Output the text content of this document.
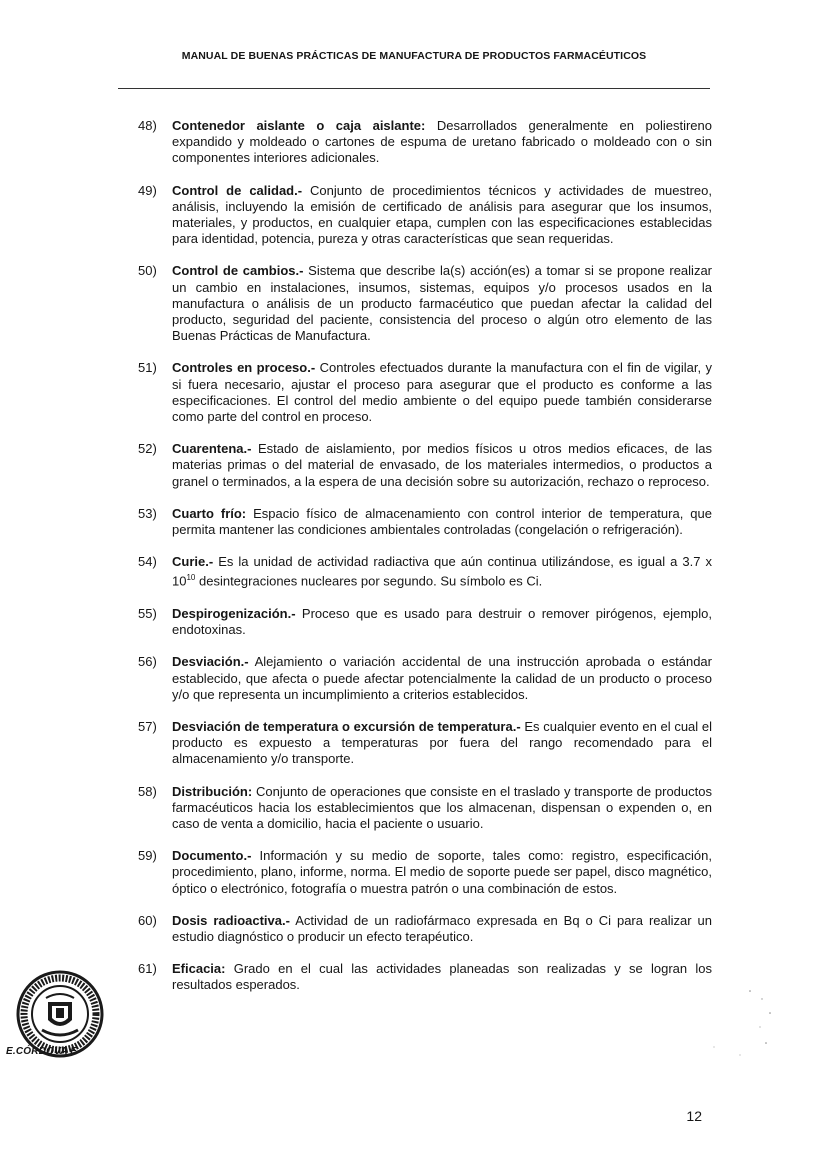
MANUAL DE BUENAS PRÁCTICAS DE MANUFACTURA DE PRODUCTOS FARMACÉUTICOS
48)	Contenedor aislante o caja aislante: Desarrollados generalmente en poliestireno expandido y moldeado o cartones de espuma de uretano fabricado o moldeado con o sin componentes interiores adicionales.
49)	Control de calidad.- Conjunto de procedimientos técnicos y actividades de muestreo, análisis, incluyendo la emisión de certificado de análisis para asegurar que los insumos, materiales, y productos, en cualquier etapa, cumplen con las especificaciones establecidas para identidad, potencia, pureza y otras características que sean requeridas.
50)	Control de cambios.- Sistema que describe la(s) acción(es) a tomar si se propone realizar un cambio en instalaciones, insumos, sistemas, equipos y/o procesos usados en la manufactura o análisis de un producto farmacéutico que puedan afectar la calidad del producto, seguridad del paciente, consistencia del proceso o algún otro elemento de las Buenas Prácticas de Manufactura.
51)	Controles en proceso.- Controles efectuados durante la manufactura con el fin de vigilar, y si fuera necesario, ajustar el proceso para asegurar que el producto es conforme a las especificaciones. El control del medio ambiente o del equipo puede también considerarse como parte del control en proceso.
52)	Cuarentena.- Estado de aislamiento, por medios físicos u otros medios eficaces, de las materias primas o del material de envasado, de los materiales intermedios, o productos a granel o terminados, a la espera de una decisión sobre su autorización, rechazo o reproceso.
53)	Cuarto frío: Espacio físico de almacenamiento con control interior de temperatura, que permita mantener las condiciones ambientales controladas (congelación o refrigeración).
54)	Curie.- Es la unidad de actividad radiactiva que aún continua utilizándose, es igual a 3.7 x $10^{10}$ desintegraciones nucleares por segundo. Su símbolo es Ci.
55)	Despirogenización.- Proceso que es usado para destruir o remover pirógenos, ejemplo, endotoxinas.
56)	Desviación.- Alejamiento o variación accidental de una instrucción aprobada o estándar establecido, que afecta o puede afectar potencialmente la calidad de un producto o proceso y/o que representa un incumplimiento a criterios establecidos.
57)	Desviación de temperatura o excursión de temperatura.- Es cualquier evento en el cual el producto es expuesto a temperaturas por fuera del rango recomendado para el almacenamiento y/o transporte.
58)	Distribución: Conjunto de operaciones que consiste en el traslado y transporte de productos farmacéuticos hacia los establecimientos que los almacenan, dispensan o expenden o, en caso de venta a domicilio, hacia el paciente o usuario.
59)	Documento.- Información y su medio de soporte, tales como: registro, especificación, procedimiento, plano, informe, norma. El medio de soporte puede ser papel, disco magnético, óptico o electrónico, fotografía o muestra patrón o una combinación de estos.
60)	Dosis radioactiva.- Actividad de un radiofármaco expresada en Bq o Ci para realizar un estudio diagnóstico o producir un efecto terapéutico.
61)	Eficacia: Grado en el cual las actividades planeadas son realizadas y se logran los resultados esperados.
E.CÓRDOVA E
12
